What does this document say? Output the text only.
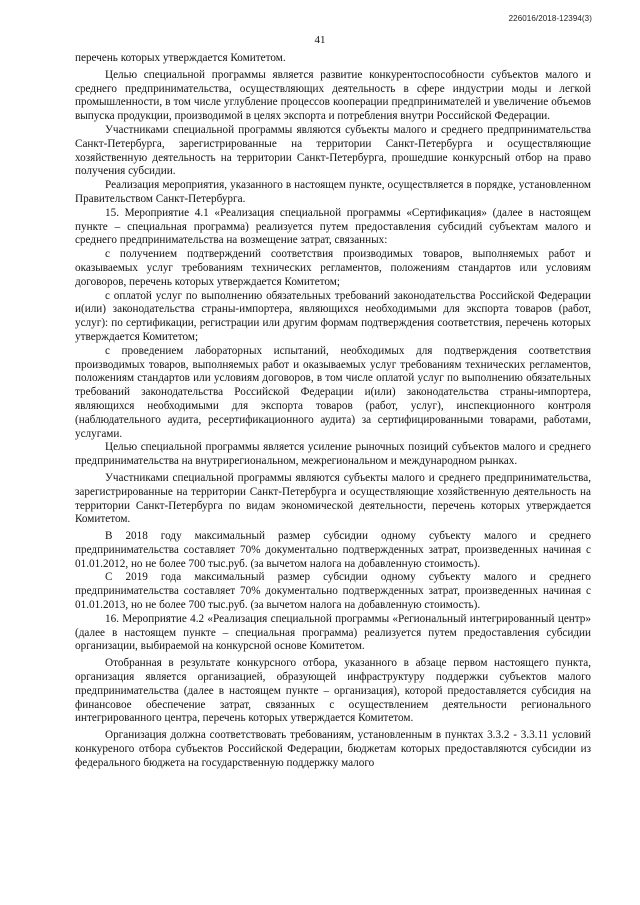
226016/2018-12394(3)
41

перечень которых утверждается Комитетом.

Целью специальной программы является развитие конкурентоспособности субъектов малого и среднего предпринимательства, осуществляющих деятельность в сфере индустрии моды и легкой промышленности, в том числе углубление процессов кооперации предпринимателей и увеличение объемов выпуска продукции, производимой в целях экспорта и потребления внутри Российской Федерации.

Участниками специальной программы являются субъекты малого и среднего предпринимательства Санкт-Петербурга, зарегистрированные на территории Санкт-Петербурга и осуществляющие хозяйственную деятельность на территории Санкт-Петербурга, прошедшие конкурсный отбор на право получения субсидии.

Реализация мероприятия, указанного в настоящем пункте, осуществляется в порядке, установленном Правительством Санкт-Петербурга.

15. Мероприятие 4.1 «Реализация специальной программы «Сертификация» (далее в настоящем пункте – специальная программа) реализуется путем предоставления субсидий субъектам малого и среднего предпринимательства на возмещение затрат, связанных:

с получением подтверждений соответствия производимых товаров, выполняемых работ и оказываемых услуг требованиям технических регламентов, положениям стандартов или условиям договоров, перечень которых утверждается Комитетом;

с оплатой услуг по выполнению обязательных требований законодательства Российской Федерации и(или) законодательства страны-импортера, являющихся необходимыми для экспорта товаров (работ, услуг): по сертификации, регистрации или другим формам подтверждения соответствия, перечень которых утверждается Комитетом;

с проведением лабораторных испытаний, необходимых для подтверждения соответствия производимых товаров, выполняемых работ и оказываемых услуг требованиям технических регламентов, положениям стандартов или условиям договоров, в том числе оплатой услуг по выполнению обязательных требований законодательства Российской Федерации и(или) законодательства страны-импортера, являющихся необходимыми для экспорта товаров (работ, услуг), инспекционного контроля (наблюдательного аудита, ресертификационного аудита) за сертифицированными товарами, работами, услугами.

Целью специальной программы является усиление рыночных позиций субъектов малого и среднего предпринимательства на внутрирегиональном, межрегиональном и международном рынках.

Участниками специальной программы являются субъекты малого и среднего предпринимательства, зарегистрированные на территории Санкт-Петербурга и осуществляющие хозяйственную деятельность на территории Санкт-Петербурга по видам экономической деятельности, перечень которых утверждается Комитетом.

В 2018 году максимальный размер субсидии одному субъекту малого и среднего предпринимательства составляет 70% документально подтвержденных затрат, произведенных начиная с 01.01.2012, но не более 700 тыс.руб. (за вычетом налога на добавленную стоимость).

С 2019 года максимальный размер субсидии одному субъекту малого и среднего предпринимательства составляет 70% документально подтвержденных затрат, произведенных начиная с 01.01.2013, но не более 700 тыс.руб. (за вычетом налога на добавленную стоимость).

16. Мероприятие 4.2 «Реализация специальной программы «Региональный интегрированный центр» (далее в настоящем пункте – специальная программа) реализуется путем предоставления субсидии организации, выбираемой на конкурсной основе Комитетом.

Отобранная в результате конкурсного отбора, указанного в абзаце первом настоящего пункта, организация является организацией, образующей инфраструктуру поддержки субъектов малого предпринимательства (далее в настоящем пункте – организация), которой предоставляется субсидия на финансовое обеспечение затрат, связанных с осуществлением деятельности регионального интегрированного центра, перечень которых утверждается Комитетом.

Организация должна соответствовать требованиям, установленным в пунктах 3.3.2 - 3.3.11 условий конкуреного отбора субъектов Российской Федерации, бюджетам которых предоставляются субсидии из федерального бюджета на государственную поддержку малого
